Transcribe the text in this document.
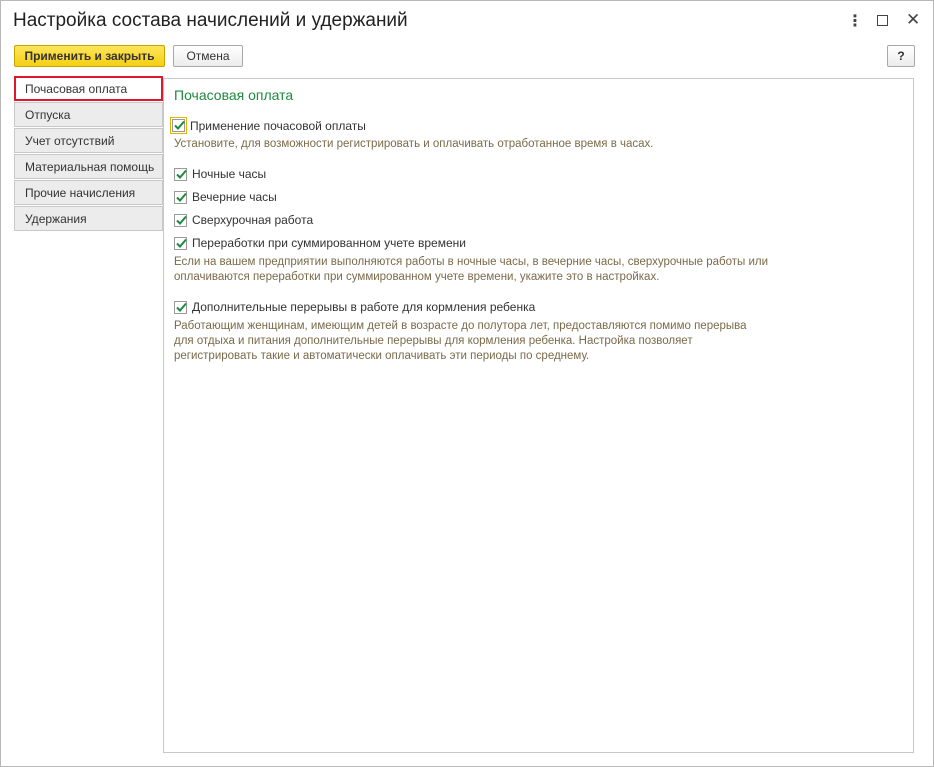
Настройка состава начислений и удержаний	⋮	✕
Применить и закрыть	Отмена	?
Почасовая оплата
Отпуска
Учет отсутствий
Материальная помощь
Прочие начисления
Удержания
Почасовая оплата
Применение почасовой оплаты
Установите, для возможности регистрировать и оплачивать отработанное время в часах.
Ночные часы
Вечерние часы
Сверхурочная работа
Переработки при суммированном учете времени
Если на вашем предприятии выполняются работы в ночные часы, в вечерние часы, сверхурочные работы или
оплачиваются переработки при суммированном учете времени, укажите это в настройках.
Дополнительные перерывы в работе для кормления ребенка
Работающим женщинам, имеющим детей в возрасте до полутора лет, предоставляются помимо перерыва
для отдыха и питания дополнительные перерывы для кормления ребенка. Настройка позволяет
регистрировать такие и автоматически оплачивать эти периоды по среднему.
